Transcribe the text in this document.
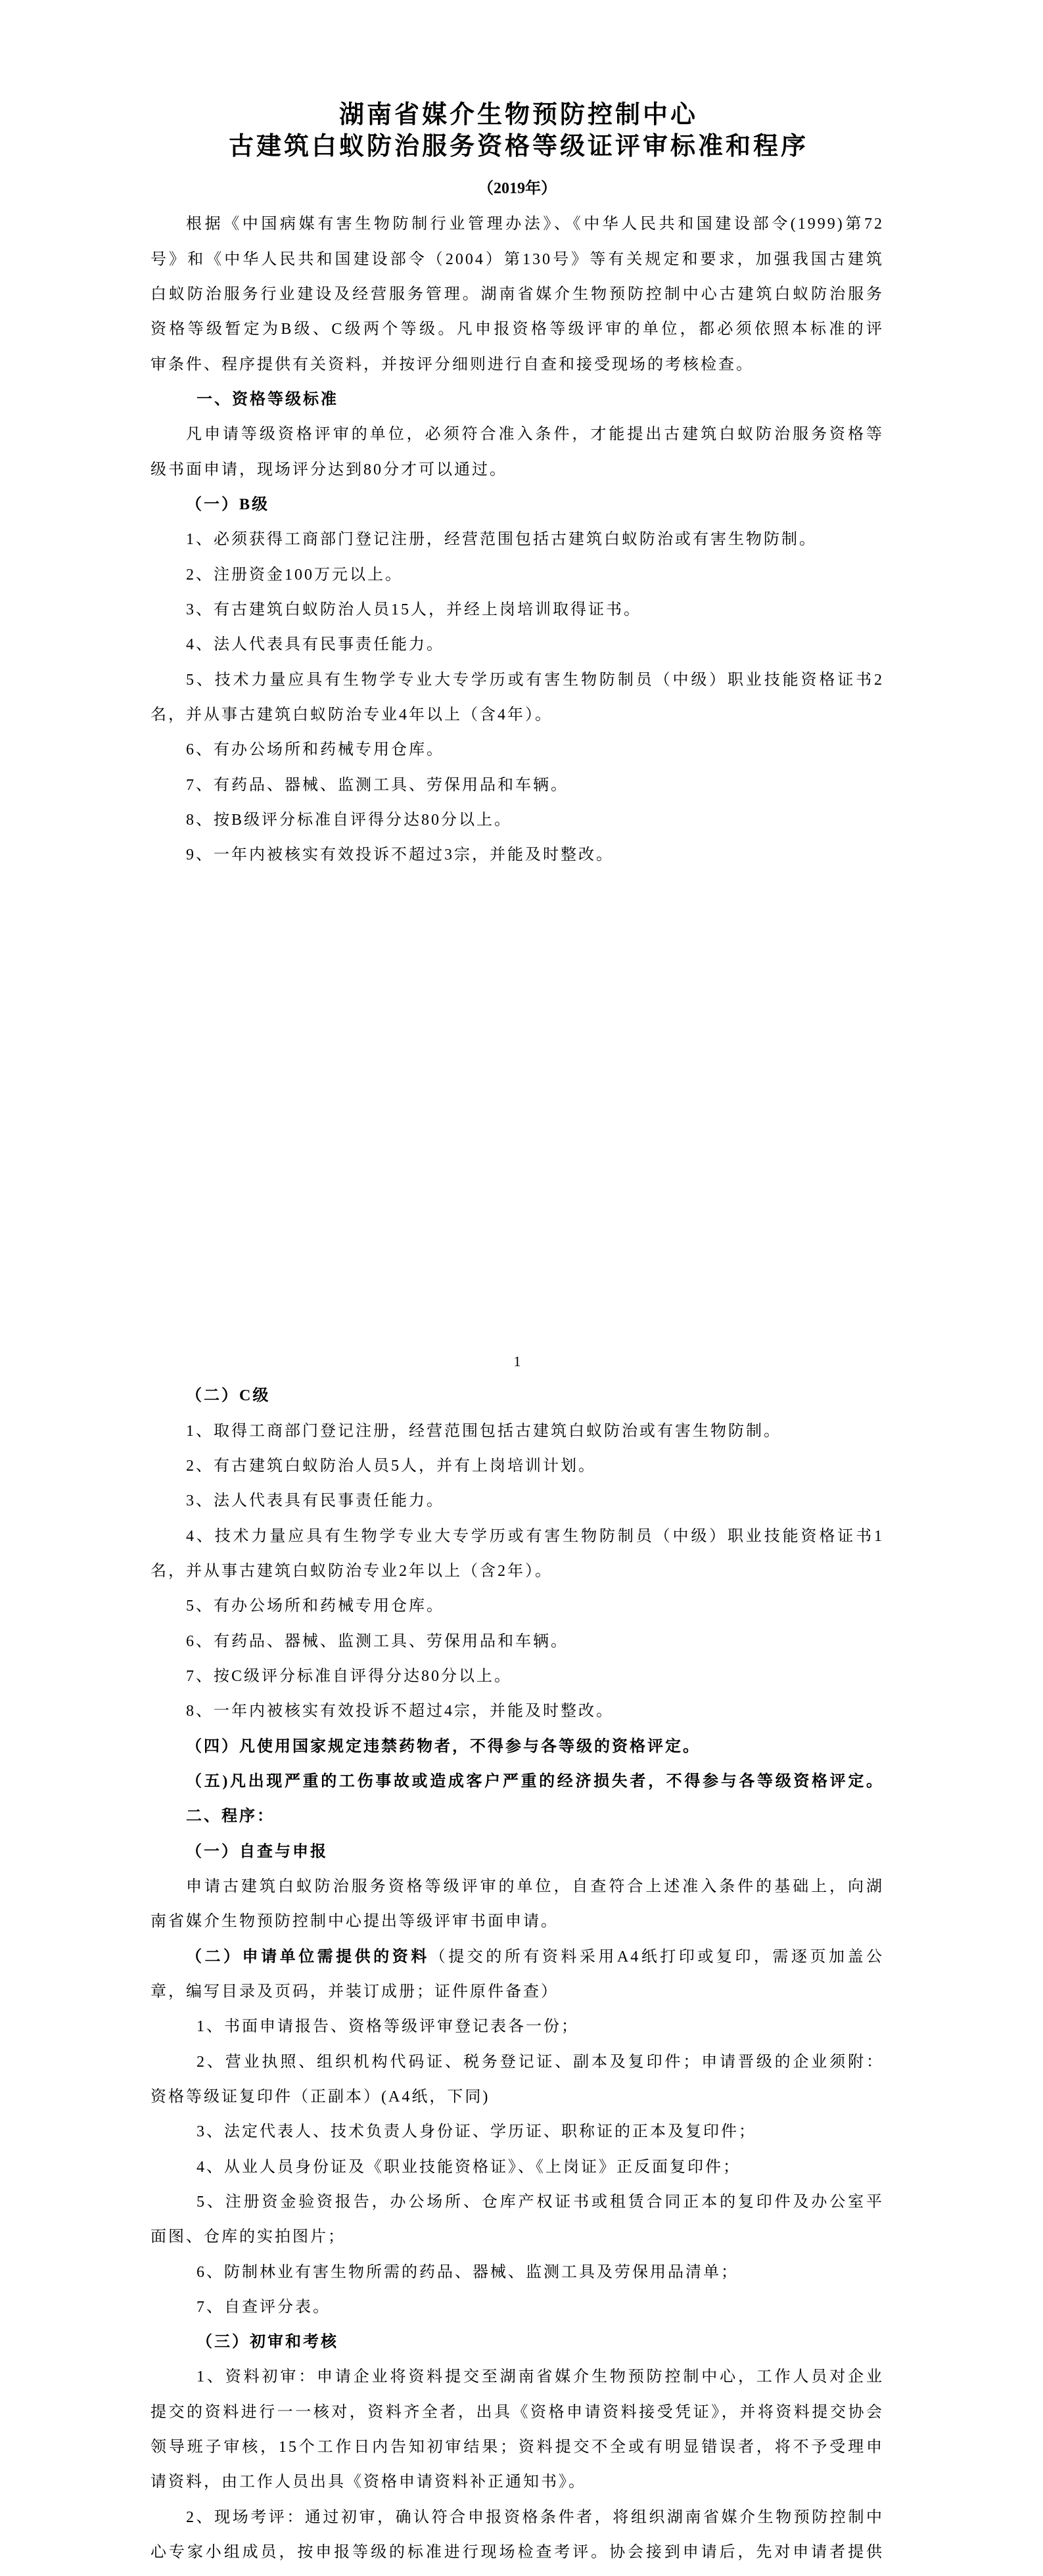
湖南省媒介生物预防控制中心
古建筑白蚁防治服务资格等级证评审标准和程序
（2019年）
根据《中国病媒有害生物防制行业管理办法》、《中华人民共和国建设部令(1999)第72
号》和《中华人民共和国建设部令（2004）第130号》等有关规定和要求，加强我国古建筑
白蚁防治服务行业建设及经营服务管理。湖南省媒介生物预防控制中心古建筑白蚁防治服务
资格等级暂定为B级、C级两个等级。凡申报资格等级评审的单位，都必须依照本标准的评
审条件、程序提供有关资料，并按评分细则进行自查和接受现场的考核检查。
一、资格等级标准
凡申请等级资格评审的单位，必须符合准入条件，才能提出古建筑白蚁防治服务资格等
级书面申请，现场评分达到80分才可以通过。
（一）B级
1、必须获得工商部门登记注册，经营范围包括古建筑白蚁防治或有害生物防制。
2、注册资金100万元以上。
3、有古建筑白蚁防治人员15人，并经上岗培训取得证书。
4、法人代表具有民事责任能力。
5、技术力量应具有生物学专业大专学历或有害生物防制员（中级）职业技能资格证书2
名，并从事古建筑白蚁防治专业4年以上（含4年）。
6、有办公场所和药械专用仓库。
7、有药品、器械、监测工具、劳保用品和车辆。
8、按B级评分标准自评得分达80分以上。
9、一年内被核实有效投诉不超过3宗，并能及时整改。
1
（二）C级
1、取得工商部门登记注册，经营范围包括古建筑白蚁防治或有害生物防制。
2、有古建筑白蚁防治人员5人，并有上岗培训计划。
3、法人代表具有民事责任能力。
4、技术力量应具有生物学专业大专学历或有害生物防制员（中级）职业技能资格证书1
名，并从事古建筑白蚁防治专业2年以上（含2年）。
5、有办公场所和药械专用仓库。
6、有药品、器械、监测工具、劳保用品和车辆。
7、按C级评分标准自评得分达80分以上。
8、一年内被核实有效投诉不超过4宗，并能及时整改。
（四）凡使用国家规定违禁药物者，不得参与各等级的资格评定。
（五)凡出现严重的工伤事故或造成客户严重的经济损失者，不得参与各等级资格评定。
二、程序：
（一）自查与申报
申请古建筑白蚁防治服务资格等级评审的单位，自查符合上述准入条件的基础上，向湖
南省媒介生物预防控制中心提出等级评审书面申请。
（二）申请单位需提供的资料（提交的所有资料采用A4纸打印或复印，需逐页加盖公
章，编写目录及页码，并装订成册；证件原件备查）
1、书面申请报告、资格等级评审登记表各一份；
2、营业执照、组织机构代码证、税务登记证、副本及复印件；申请晋级的企业须附：
资格等级证复印件（正副本）(A4纸，下同)
3、法定代表人、技术负责人身份证、学历证、职称证的正本及复印件；
4、从业人员身份证及《职业技能资格证》、《上岗证》正反面复印件；
5、注册资金验资报告，办公场所、仓库产权证书或租赁合同正本的复印件及办公室平
面图、仓库的实拍图片；
6、防制林业有害生物所需的药品、器械、监测工具及劳保用品清单；
7、自查评分表。
（三）初审和考核
1、资料初审：申请企业将资料提交至湖南省媒介生物预防控制中心，工作人员对企业
提交的资料进行一一核对，资料齐全者，出具《资格申请资料接受凭证》，并将资料提交协会
领导班子审核，15个工作日内告知初审结果；资料提交不全或有明显错误者，将不予受理申
请资料，由工作人员出具《资格申请资料补正通知书》。
2、现场考评：通过初审，确认符合申报资格条件者，将组织湖南省媒介生物预防控制中
心专家小组成员，按申报等级的标准进行现场检查考评。协会接到申请后，先对申请者提供
